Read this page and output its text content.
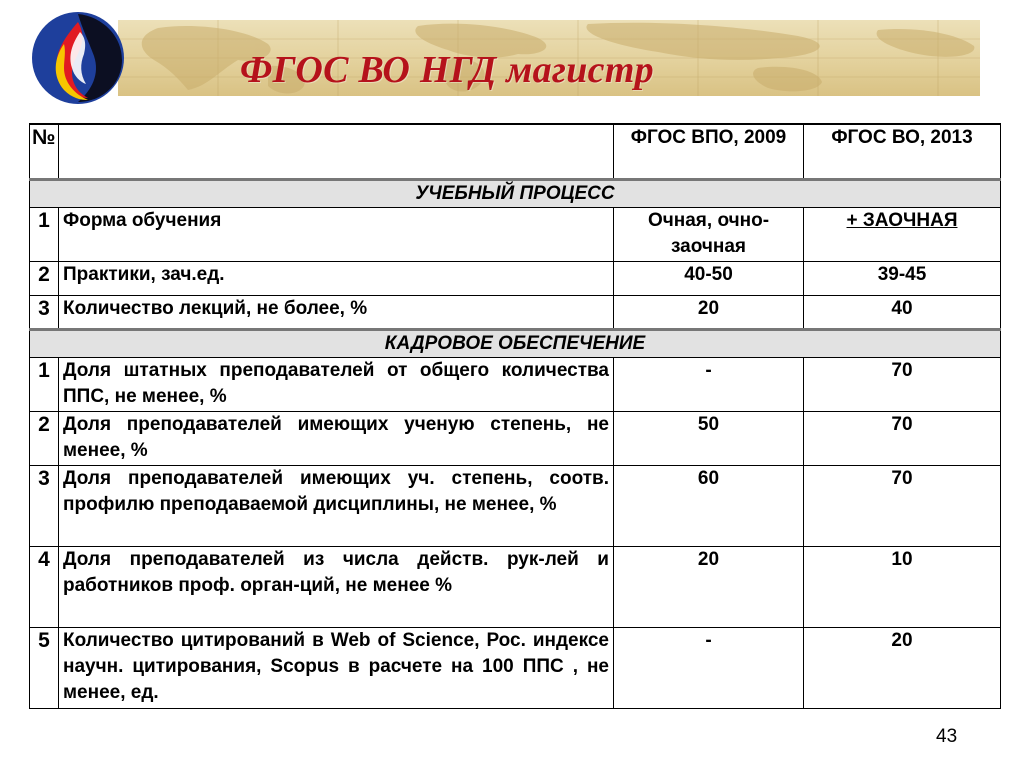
ФГОС ВО НГД магистр
№		ФГОС ВПО, 2009	ФГОС ВО, 2013
УЧЕБНЫЙ ПРОЦЕСС			
1	Форма обучения	Очная, очно-заочная	+ ЗАОЧНАЯ
2	Практики, зач.ед.	40-50	39-45
3	Количество лекций, не более, %	20	40
КАДРОВОЕ ОБЕСПЕЧЕНИЕ			
1	Доля штатных преподавателей от общего количества ППС, не менее, %	-	70
2	Доля преподавателей имеющих ученую степень, не менее, %	50	70
3	Доля преподавателей имеющих уч. степень, соотв. профилю преподаваемой дисциплины, не менее, %	60	70
4	Доля преподавателей из числа действ. рук-лей и работников проф. орган-ций, не менее %	20	10
5	Количество цитирований в Web of Science, Рос. индексе научн. цитирования, Scopus в расчете на 100 ППС , не менее, ед.	-	20
43
